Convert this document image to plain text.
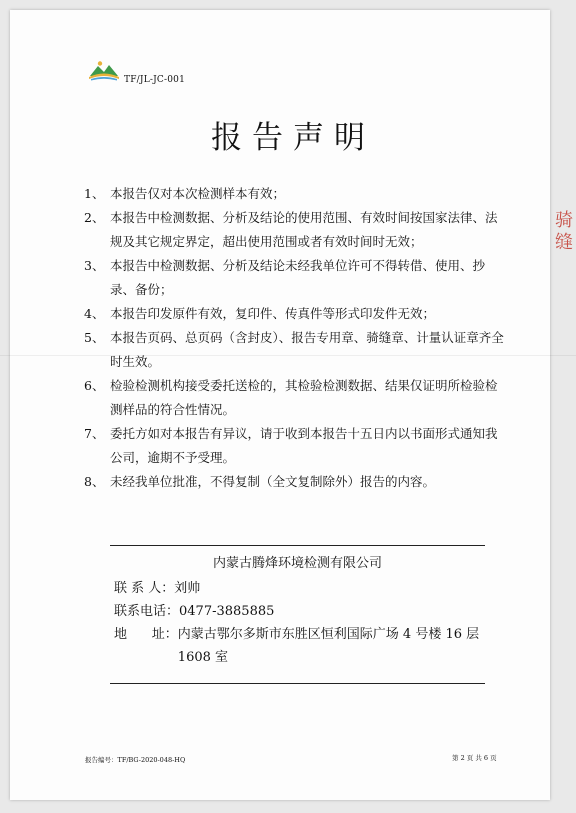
TF/JL-JC-001
报告声明
1、 本报告仅对本次检测样本有效；
2、 本报告中检测数据、分析及结论的使用范围、有效时间按国家法律、法规及其它规定界定，超出使用范围或者有效时间时无效；
3、 本报告中检测数据、分析及结论未经我单位许可不得转借、使用、抄录、备份；
4、 本报告印发原件有效，复印件、传真件等形式印发件无效；
5、 本报告页码、总页码（含封皮）、报告专用章、骑缝章、计量认证章齐全时生效。
6、 检验检测机构接受委托送检的，其检验检测数据、结果仅证明所检验检测样品的符合性情况。
7、 委托方如对本报告有异议，请于收到本报告十五日内以书面形式通知我公司，逾期不予受理。
8、 未经我单位批准，不得复制（全文复制除外）报告的内容。
内蒙古腾烽环境检测有限公司
联 系 人： 刘帅
联系电话： 0477-3885885
地      址： 内蒙古鄂尔多斯市东胜区恒利国际广场 4 号楼 16 层 1608 室
报告编号：TF/BG-2020-048-HQ	第 2 页 共 6 页
骑缝
